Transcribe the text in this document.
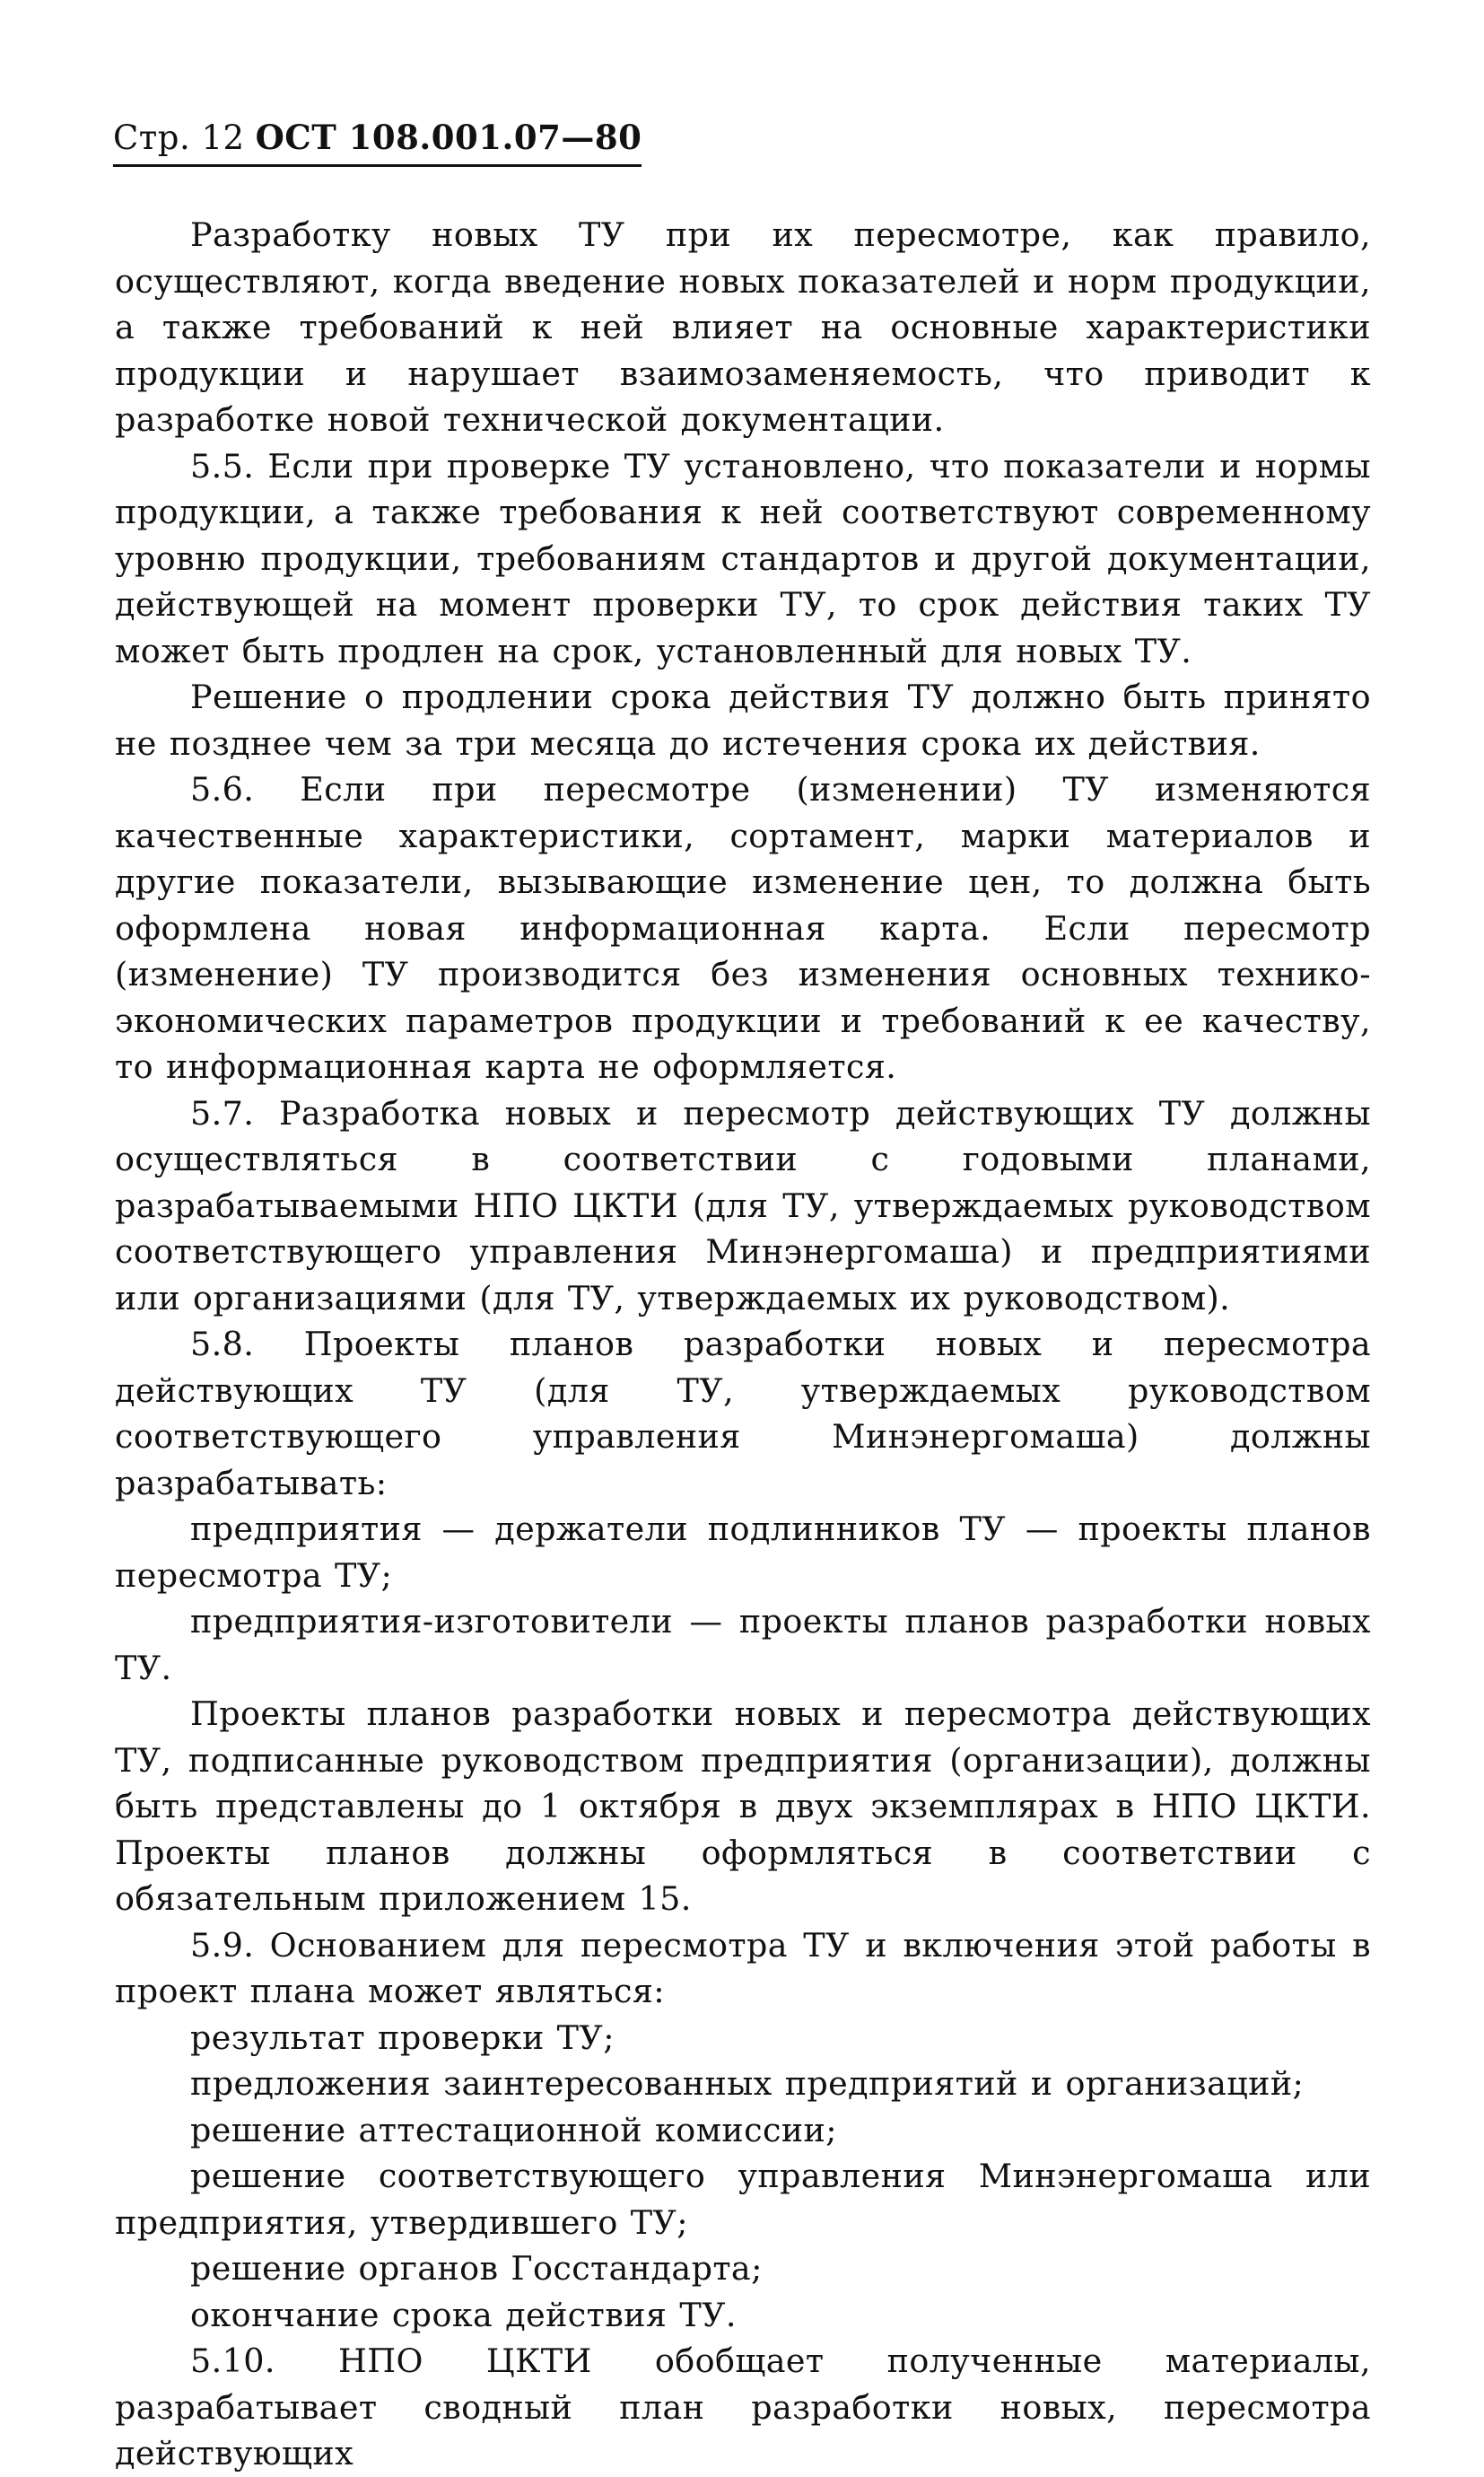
Стр. 12 ОСТ 108.001.07—80

Разработку новых ТУ при их пересмотре, как правило, осуществляют, когда введение новых показателей и норм продукции, а также требований к ней влияет на основные характеристики продукции и нарушает взаимозаменяемость, что приводит к разработке новой технической документации.

5.5. Если при проверке ТУ установлено, что показатели и нормы продукции, а также требования к ней соответствуют современному уровню продукции, требованиям стандартов и другой документации, действующей на момент проверки ТУ, то срок действия таких ТУ может быть продлен на срок, установленный для новых ТУ.

Решение о продлении срока действия ТУ должно быть принято не позднее чем за три месяца до истечения срока их действия.

5.6. Если при пересмотре (изменении) ТУ изменяются качественные характеристики, сортамент, марки материалов и другие показатели, вызывающие изменение цен, то должна быть оформлена новая информационная карта. Если пересмотр (изменение) ТУ производится без изменения основных технико-экономических параметров продукции и требований к ее качеству, то информационная карта не оформляется.

5.7. Разработка новых и пересмотр действующих ТУ должны осуществляться в соответствии с годовыми планами, разрабатываемыми НПО ЦКТИ (для ТУ, утверждаемых руководством соответствующего управления Минэнергомаша) и предприятиями или организациями (для ТУ, утверждаемых их руководством).

5.8. Проекты планов разработки новых и пересмотра действующих ТУ (для ТУ, утверждаемых руководством соответствующего управления Минэнергомаша) должны разрабатывать:

предприятия — держатели подлинников ТУ — проекты планов пересмотра ТУ;

предприятия-изготовители — проекты планов разработки новых ТУ.

Проекты планов разработки новых и пересмотра действующих ТУ, подписанные руководством предприятия (организации), должны быть представлены до 1 октября в двух экземплярах в НПО ЦКТИ. Проекты планов должны оформляться в соответствии с обязательным приложением 15.

5.9. Основанием для пересмотра ТУ и включения этой работы в проект плана может являться:

результат проверки ТУ;

предложения заинтересованных предприятий и организаций;

решение аттестационной комиссии;

решение соответствующего управления Минэнергомаша или предприятия, утвердившего ТУ;

решение органов Госстандарта;

окончание срока действия ТУ.

5.10. НПО ЦКТИ обобщает полученные материалы, разрабатывает сводный план разработки новых, пересмотра действующих
